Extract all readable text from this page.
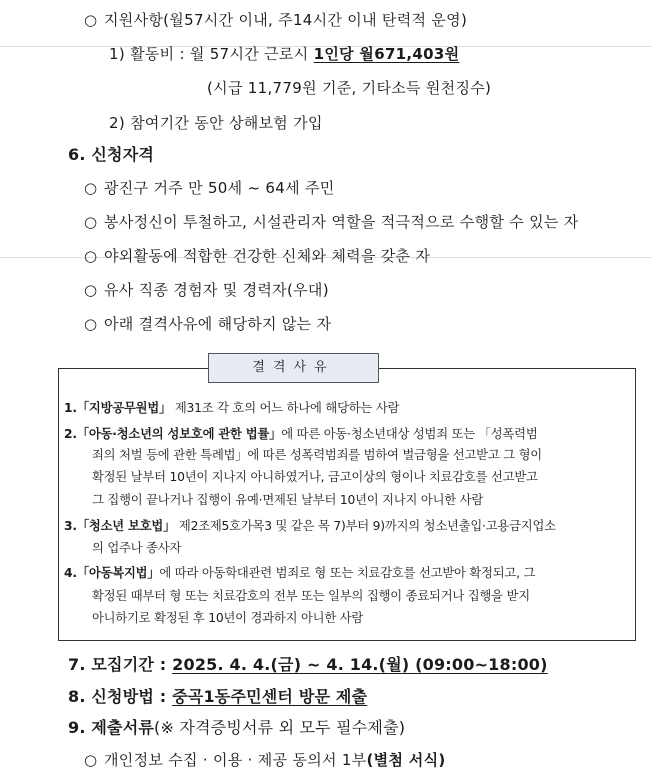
○ 지원사항(월57시간 이내, 주14시간 이내 탄력적 운영)
1) 활동비 : 월 57시간 근로시 1인당 월671,403원
(시급 11,779원 기준, 기타소득 원천징수)
2) 참여기간 동안 상해보험 가입
6. 신청자격
○ 광진구 거주 만 50세 ~ 64세 주민
○ 봉사정신이 투철하고, 시설관리자 역할을 적극적으로 수행할 수 있는 자
○ 야외활동에 적합한 건강한 신체와 체력을 갖춘 자
○ 유사 직종 경험자 및 경력자(우대)
○ 아래 결격사유에 해당하지 않는 자
결격사유
1.「지방공무원법」 제31조 각 호의 어느 하나에 해당하는 사람
2.「아동·청소년의 성보호에 관한 법률」에 따른 아동·청소년대상 성범죄 또는 「성폭력범
죄의 처벌 등에 관한 특례법」에 따른 성폭력범죄를 범하여 벌금형을 선고받고 그 형이
확정된 날부터 10년이 지나지 아니하였거나, 금고이상의 형이나 치료감호를 선고받고
그 집행이 끝나거나 집행이 유예·면제된 날부터 10년이 지나지 아니한 사람
3.「청소년 보호법」 제2조제5호가목3 및 같은 목 7)부터 9)까지의 청소년출입·고용금지업소
의 업주나 종사자
4.「아동복지법」에 따라 아동학대관련 범죄로 형 또는 치료감호를 선고받아 확정되고, 그
확정된 때부터 형 또는 치료감호의 전부 또는 일부의 집행이 종료되거나 집행을 받지
아니하기로 확정된 후 10년이 경과하지 아니한 사람
7. 모집기간 : 2025. 4. 4.(금) ~ 4. 14.(월) (09:00~18:00)
8. 신청방법 : 중곡1동주민센터 방문 제출
9. 제출서류(※ 자격증빙서류 외 모두 필수제출)
○ 개인정보 수집 · 이용 · 제공 동의서 1부(별첨 서식)
